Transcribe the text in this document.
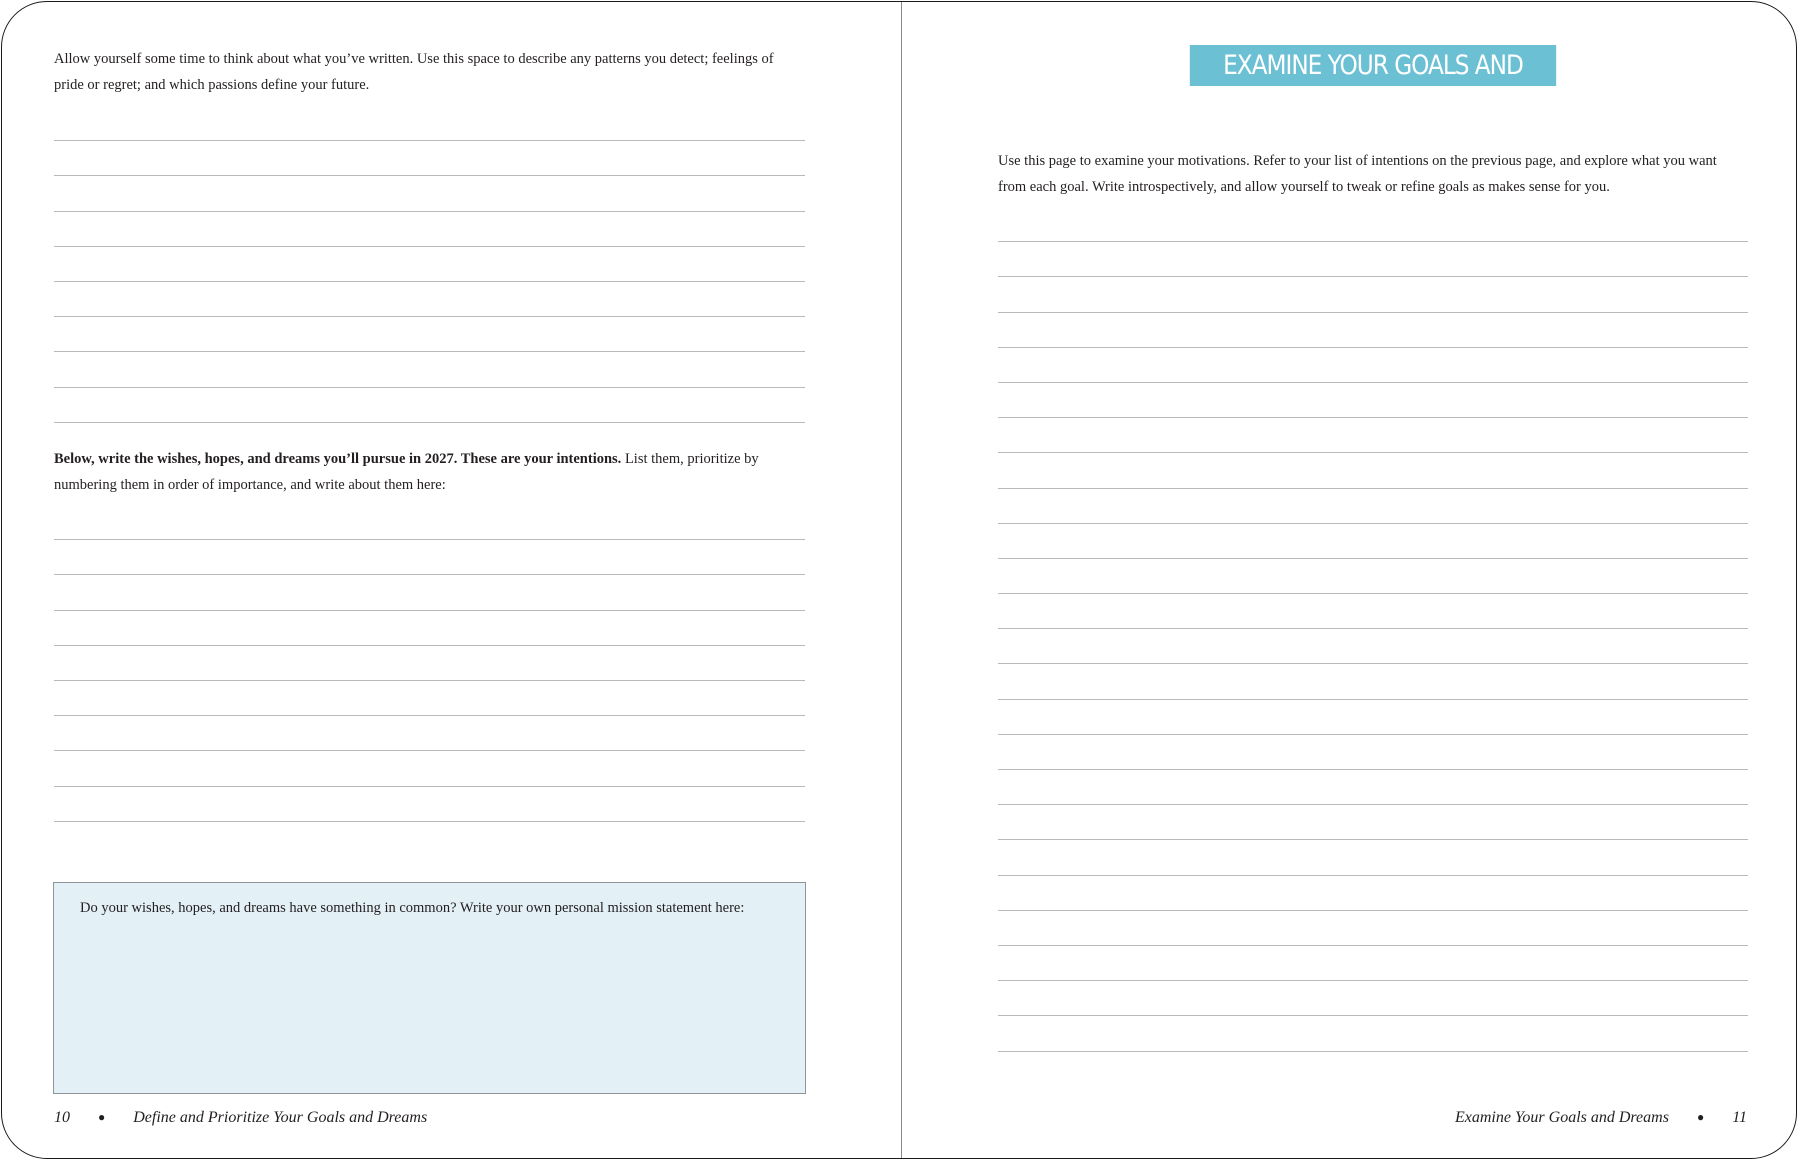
Allow yourself some time to think about what you’ve written. Use this space to describe any patterns you detect; feelings of pride or regret; and which passions define your future.

Below, write the wishes, hopes, and dreams you’ll pursue in 2027. These are your intentions. List them, prioritize by numbering them in order of importance, and write about them here:

Do your wishes, hopes, and dreams have something in common? Write your own personal mission statement here:

10 ● Define and Prioritize Your Goals and Dreams
EXAMINE YOUR GOALS AND DREAMS

Use this page to examine your motivations. Refer to your list of intentions on the previous page, and explore what you want from each goal. Write introspectively, and allow yourself to tweak or refine goals as makes sense for you.

Examine Your Goals and Dreams ● 11
